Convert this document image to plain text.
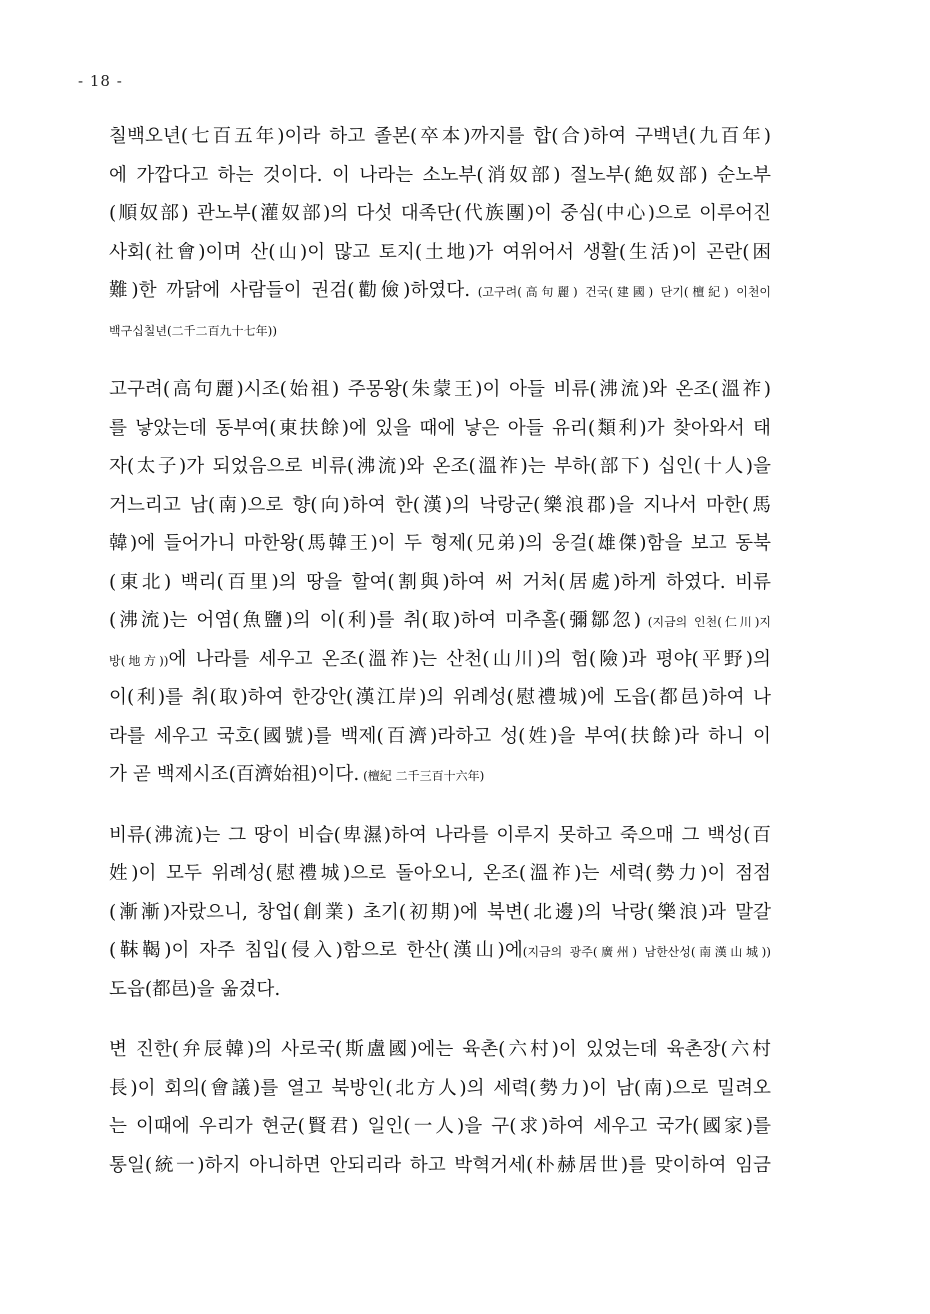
- 18 -
칠백오년(七百五年)이라 하고 졸본(卒本)까지를 합(合)하여 구백년(九百年)
에 가깝다고 하는 것이다. 이 나라는 소노부(消奴部) 절노부(絶奴部) 순노부
(順奴部) 관노부(灌奴部)의 다섯 대족단(代族團)이 중심(中心)으로 이루어진
사회(社會)이며 산(山)이 많고 토지(土地)가 여위어서 생활(生活)이 곤란(困
難)한 까닭에 사람들이 권검(勸儉)하였다. (고구려(高句麗) 건국(建國) 단기(檀紀) 이천이
백구십칠년(二千二百九十七年))
고구려(高句麗)시조(始祖) 주몽왕(朱蒙王)이 아들 비류(沸流)와 온조(溫祚)
를 낳았는데 동부여(東扶餘)에 있을 때에 낳은 아들 유리(類利)가 찾아와서 태
자(太子)가 되었음으로 비류(沸流)와 온조(溫祚)는 부하(部下) 십인(十人)을
거느리고 남(南)으로 향(向)하여 한(漢)의 낙랑군(樂浪郡)을 지나서 마한(馬
韓)에 들어가니 마한왕(馬韓王)이 두 형제(兄弟)의 웅걸(雄傑)함을 보고 동북
(東北) 백리(百里)의 땅을 할여(割與)하여 써 거처(居處)하게 하였다. 비류
(沸流)는 어염(魚鹽)의 이(利)를 취(取)하여 미추홀(彌鄒忽) (지금의 인천(仁川)지
방(地方))에 나라를 세우고 온조(溫祚)는 산천(山川)의 험(險)과 평야(平野)의
이(利)를 취(取)하여 한강안(漢江岸)의 위례성(慰禮城)에 도읍(都邑)하여 나
라를 세우고 국호(國號)를 백제(百濟)라하고 성(姓)을 부여(扶餘)라 하니 이
가 곧 백제시조(百濟始祖)이다. (檀紀 二千三百十六年)
비류(沸流)는 그 땅이 비습(卑濕)하여 나라를 이루지 못하고 죽으매 그 백성(百
姓)이 모두 위례성(慰禮城)으로 돌아오니, 온조(溫祚)는 세력(勢力)이 점점
(漸漸)자랐으니, 창업(創業) 초기(初期)에 북변(北邊)의 낙랑(樂浪)과 말갈
(靺鞨)이 자주 침입(侵入)함으로 한산(漢山)에(지금의 광주(廣州) 남한산성(南漢山城))
도읍(都邑)을 옮겼다.
변 진한(弁辰韓)의 사로국(斯盧國)에는 육촌(六村)이 있었는데 육촌장(六村
長)이 회의(會議)를 열고 북방인(北方人)의 세력(勢力)이 남(南)으로 밀려오
는 이때에 우리가 현군(賢君) 일인(一人)을 구(求)하여 세우고 국가(國家)를
통일(統一)하지 아니하면 안되리라 하고 박혁거세(朴赫居世)를 맞이하여 임금
